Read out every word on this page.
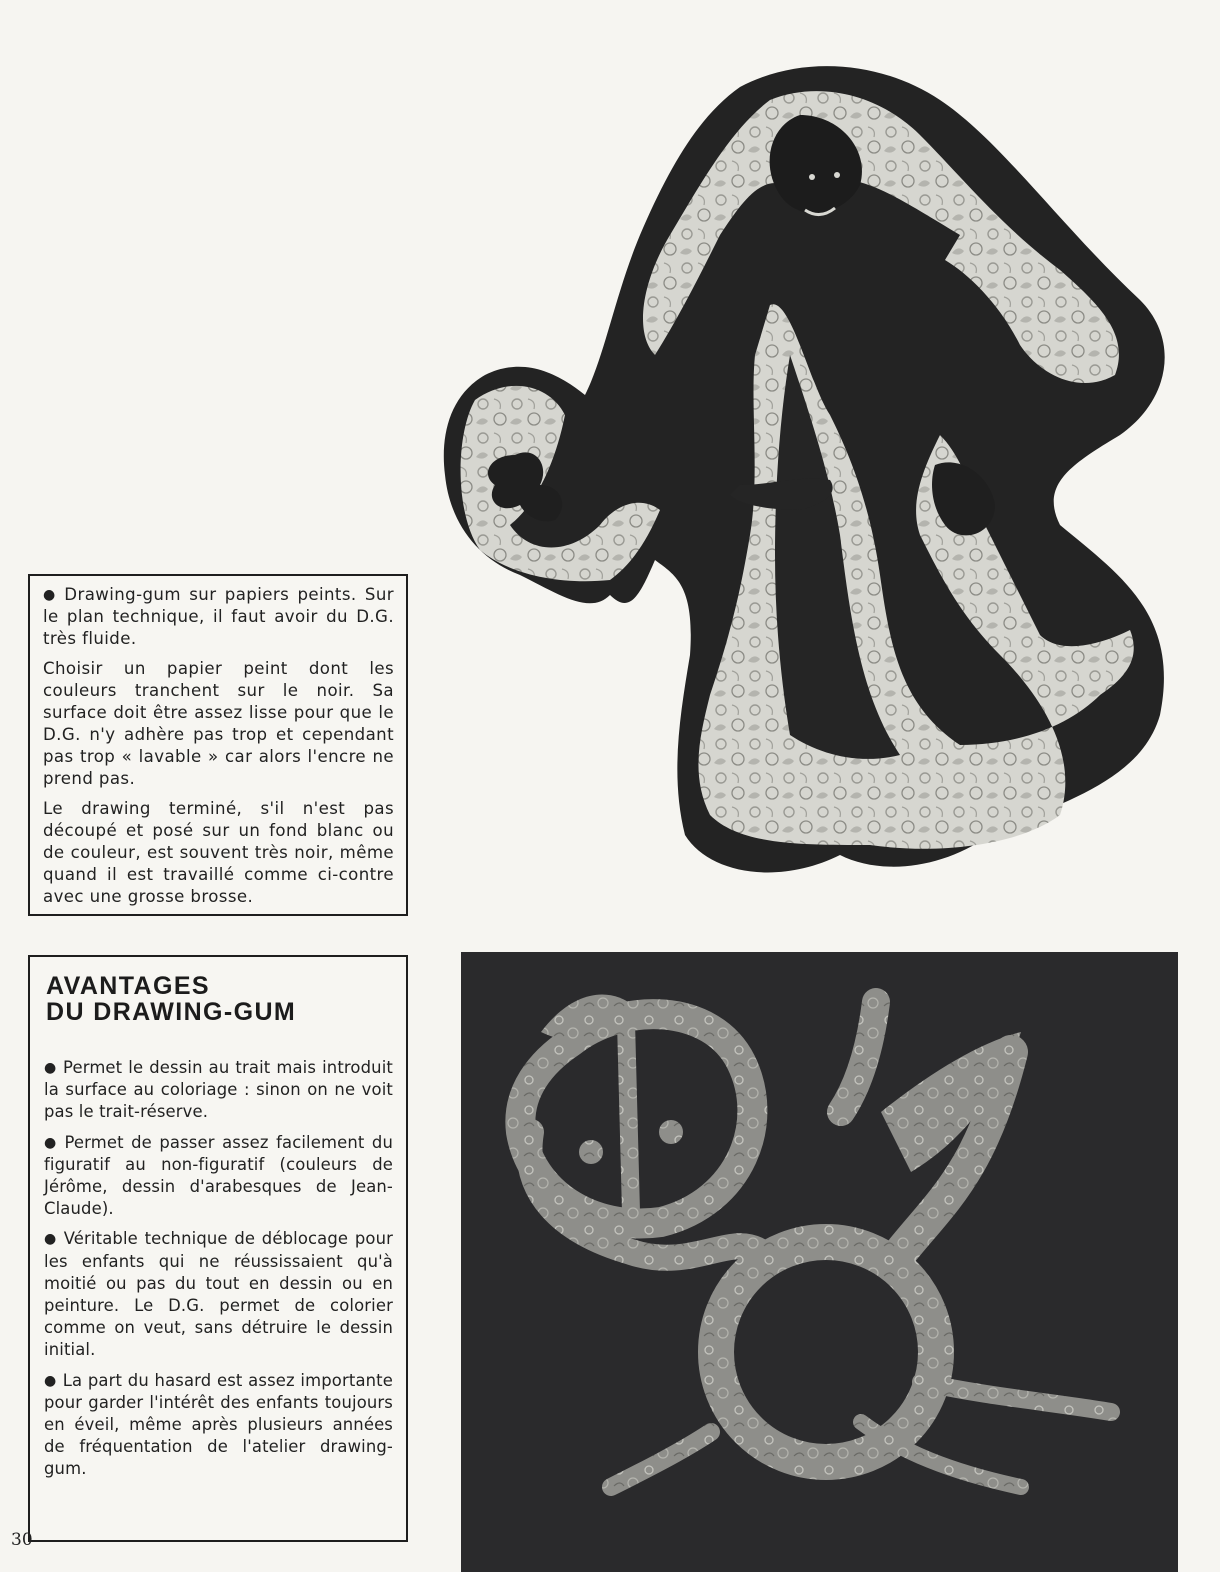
● Drawing-gum sur papiers peints. Sur le plan technique, il faut avoir du D.G. très fluide.

Choisir un papier peint dont les couleurs tranchent sur le noir. Sa surface doit être assez lisse pour que le D.G. n'y adhère pas trop et cependant pas trop « lavable » car alors l'encre ne prend pas.

Le drawing terminé, s'il n'est pas découpé et posé sur un fond blanc ou de couleur, est souvent très noir, même quand il est travaillé comme ci-contre avec une grosse brosse.

AVANTAGES
DU DRAWING-GUM

● Permet le dessin au trait mais introduit la surface au coloriage : sinon on ne voit pas le trait-réserve.

● Permet de passer assez facilement du figuratif au non-figuratif (couleurs de Jérôme, dessin d'arabesques de Jean-Claude).

● Véritable technique de déblocage pour les enfants qui ne réussissaient qu'à moitié ou pas du tout en dessin ou en peinture. Le D.G. permet de colorier comme on veut, sans détruire le dessin initial.

● La part du hasard est assez importante pour garder l'intérêt des enfants toujours en éveil, même après plusieurs années de fréquentation de l'atelier drawing-gum.

30
